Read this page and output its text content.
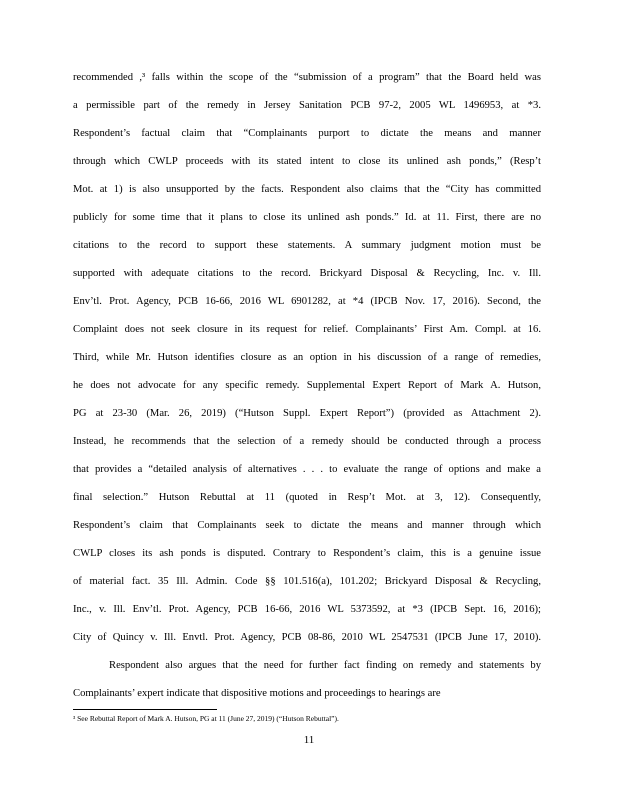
recommended ,³ falls within the scope of the “submission of a program” that the Board held was
a permissible part of the remedy in Jersey Sanitation PCB 97-2, 2005 WL 1496953, at *3.
Respondent’s factual claim that “Complainants purport to dictate the means and manner
through which CWLP proceeds with its stated intent to close its unlined ash ponds,” (Resp’t
Mot. at 1) is also unsupported by the facts. Respondent also claims that the “City has committed
publicly for some time that it plans to close its unlined ash ponds.” Id. at 11. First, there are no
citations to the record to support these statements. A summary judgment motion must be
supported with adequate citations to the record. Brickyard Disposal & Recycling, Inc. v. Ill.
Env’tl. Prot. Agency, PCB 16-66, 2016 WL 6901282, at *4 (IPCB Nov. 17, 2016). Second, the
Complaint does not seek closure in its request for relief. Complainants’ First Am. Compl. at 16.
Third, while Mr. Hutson identifies closure as an option in his discussion of a range of remedies,
he does not advocate for any specific remedy. Supplemental Expert Report of Mark A. Hutson,
PG at 23-30 (Mar. 26, 2019) (“Hutson Suppl. Expert Report”) (provided as Attachment 2).
Instead, he recommends that the selection of a remedy should be conducted through a process
that provides a “detailed analysis of alternatives . . . to evaluate the range of options and make a
final selection.” Hutson Rebuttal at 11 (quoted in Resp’t Mot. at 3, 12). Consequently,
Respondent’s claim that Complainants seek to dictate the means and manner through which
CWLP closes its ash ponds is disputed. Contrary to Respondent’s claim, this is a genuine issue
of material fact. 35 Ill. Admin. Code §§ 101.516(a), 101.202; Brickyard Disposal & Recycling,
Inc., v. Ill. Env’tl. Prot. Agency, PCB 16-66, 2016 WL 5373592, at *3 (IPCB Sept. 16, 2016);
City of Quincy v. Ill. Envtl. Prot. Agency, PCB 08-86, 2010 WL 2547531 (IPCB June 17, 2010).
Respondent also argues that the need for further fact finding on remedy and statements by
Complainants’ expert indicate that dispositive motions and proceedings to hearings are
³ See Rebuttal Report of Mark A. Hutson, PG at 11 (June 27, 2019) (“Hutson Rebuttal”).
11
